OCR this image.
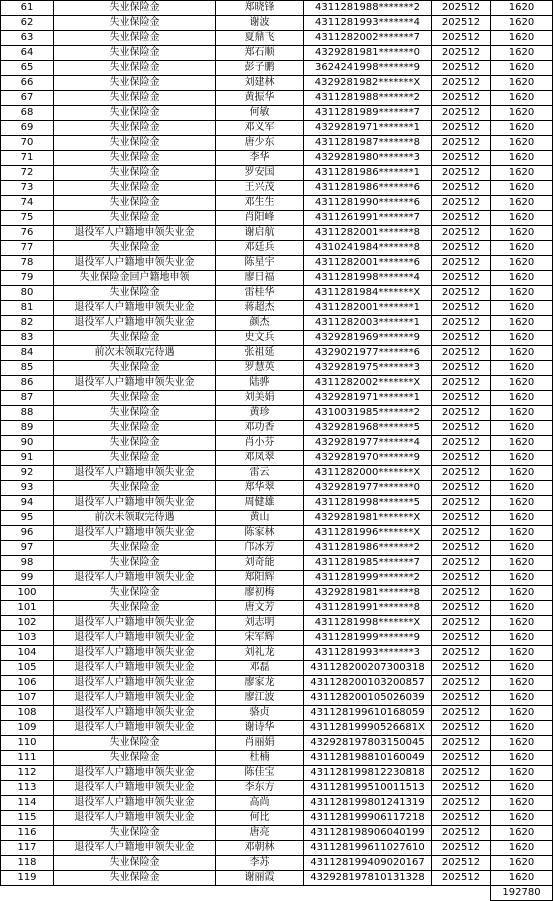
61	失业保险金	郑晓锋	4311281988*******2	202512	1620
62	失业保险金	谢波	4311281993*******4	202512	1620
63	失业保险金	夏鼎飞	4311282002*******7	202512	1620
64	失业保险金	郑石顺	4329281981*******0	202512	1620
65	失业保险金	彭子鹏	3624241998*******9	202512	1620
66	失业保险金	刘建林	4329281982*******X	202512	1620
67	失业保险金	黄振华	4311281988*******2	202512	1620
68	失业保险金	何敏	4311281989*******7	202512	1620
69	失业保险金	邓义军	4329281971*******1	202512	1620
70	失业保险金	唐少东	4311281987*******8	202512	1620
71	失业保险金	李华	4329281980*******3	202512	1620
72	失业保险金	罗安国	4311281986*******1	202512	1620
73	失业保险金	王兴茂	4311281986*******6	202512	1620
74	失业保险金	邓生生	4311281990*******6	202512	1620
75	失业保险金	肖阳峰	4311261991*******7	202512	1620
76	退役军人户籍地申领失业金	谢启航	4311282001*******8	202512	1620
77	失业保险金	邓廷兵	4310241984*******8	202512	1620
78	退役军人户籍地申领失业金	陈星宇	4311282001*******6	202512	1620
79	失业保险金回户籍地申领	廖日福	4311281998*******4	202512	1620
80	失业保险金	雷桂华	4311281984*******X	202512	1620
81	退役军人户籍地申领失业金	蒋超杰	4311282001*******1	202512	1620
82	退役军人户籍地申领失业金	颜杰	4311282003*******1	202512	1620
83	失业保险金	史文兵	4329281969*******9	202512	1620
84	前次未领取完待遇	张祖延	4329021977*******6	202512	1620
85	失业保险金	罗慧英	4329281975*******3	202512	1620
86	退役军人户籍地申领失业金	陆骅	4311282002*******X	202512	1620
87	失业保险金	刘美娟	4329281971*******1	202512	1620
88	失业保险金	黄珍	4310031985*******2	202512	1620
89	失业保险金	邓功香	4329281968*******5	202512	1620
90	失业保险金	肖小芬	4329281977*******4	202512	1620
91	失业保险金	邓凤翠	4329281970*******9	202512	1620
92	退役军人户籍地申领失业金	雷云	4311282000*******X	202512	1620
93	失业保险金	郑华翠	4329281977*******0	202512	1620
94	退役军人户籍地申领失业金	周健雄	4311281998*******5	202512	1620
95	前次未领取完待遇	黄山	4329281981*******X	202512	1620
96	退役军人户籍地申领失业金	陈家林	4311281996*******X	202512	1620
97	失业保险金	邝冰芳	4311281986*******2	202512	1620
98	失业保险金	刘奇能	4311281985*******7	202512	1620
99	退役军人户籍地申领失业金	郑阳辉	4311281999*******2	202512	1620
100	失业保险金	廖初梅	4329281981*******8	202512	1620
101	失业保险金	唐文芳	4311281991*******8	202512	1620
102	退役军人户籍地申领失业金	刘志明	4311281998*******X	202512	1620
103	退役军人户籍地申领失业金	宋军辉	4311281999*******9	202512	1620
104	退役军人户籍地申领失业金	刘礼龙	4311281993*******3	202512	1620
105	退役军人户籍地申领失业金	邓磊	431128200207300318	202512	1620
106	退役军人户籍地申领失业金	廖家龙	431128200103200857	202512	1620
107	退役军人户籍地申领失业金	廖江波	431128200105026039	202512	1620
108	退役军人户籍地申领失业金	骆贞	431128199610168059	202512	1620
109	退役军人户籍地申领失业金	谢诗华	43112819990526681X	202512	1620
110	失业保险金	肖丽娟	432928197803150045	202512	1620
111	失业保险金	杜楠	431128198810160049	202512	1620
112	退役军人户籍地申领失业金	陈佳宝	431128199812230818	202512	1620
113	退役军人户籍地申领失业金	李东方	431128199510011513	202512	1620
114	退役军人户籍地申领失业金	高尚	431128199801241319	202512	1620
115	退役军人户籍地申领失业金	何比	431128199906117218	202512	1620
116	失业保险金	唐亮	431128198906040199	202512	1620
117	退役军人户籍地申领失业金	邓朝林	431128199611027610	202512	1620
118	失业保险金	李苏	431128199409020167	202512	1620
119	失业保险金	谢丽霞	432928197810131328	202512	1620
					192780
